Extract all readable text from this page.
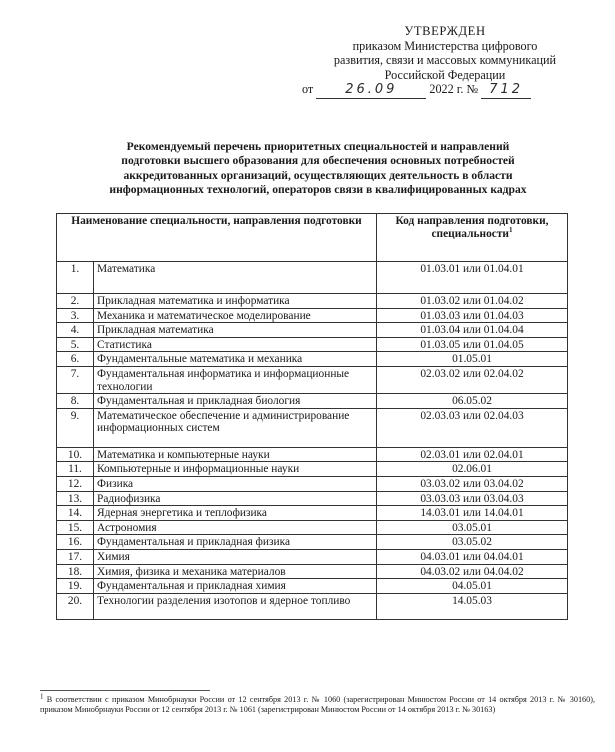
УТВЕРЖДЕН
приказом Министерства цифрового
развития, связи и массовых коммуникаций
Российской Федерации
от 26.09	2022 г. № 712
Рекомендуемый перечень приоритетных специальностей и направлений
подготовки высшего образования для обеспечения основных потребностей
аккредитованных организаций, осуществляющих деятельность в области
информационных технологий, операторов связи в квалифицированных кадрах
Наименование специальности, направления подготовки		Код направления подготовки, специальности$^1$
1.	Математика	01.03.01 или 01.04.01
2.	Прикладная математика и информатика	01.03.02 или 01.04.02
3.	Механика и математическое моделирование	01.03.03 или 01.04.03
4.	Прикладная математика	01.03.04 или 01.04.04
5.	Статистика	01.03.05 или 01.04.05
6.	Фундаментальные математика и механика	01.05.01
7.	Фундаментальная информатика и информационные технологии	02.03.02 или 02.04.02
8.	Фундаментальная и прикладная биология	06.05.02
9.	Математическое обеспечение и администрирование информационных систем	02.03.03 или 02.04.03
10.	Математика и компьютерные науки	02.03.01 или 02.04.01
11.	Компьютерные и информационные науки	02.06.01
12.	Физика	03.03.02 или 03.04.02
13.	Радиофизика	03.03.03 или 03.04.03
14.	Ядерная энергетика и теплофизика	14.03.01 или 14.04.01
15.	Астрономия	03.05.01
16.	Фундаментальная и прикладная физика	03.05.02
17.	Химия	04.03.01 или 04.04.01
18.	Химия, физика и механика материалов	04.03.02 или 04.04.02
19.	Фундаментальная и прикладная химия	04.05.01
20.	Технологии разделения изотопов и ядерное топливо	14.05.03
$^1$ В соответствии с приказом Минобрнауки России от 12 сентября 2013 г. № 1060 (зарегистрирован Минюстом России от 14 октября 2013 г. № 30160), приказом Минобрнауки России от 12 сентября 2013 г. № 1061 (зарегистрирован Минюстом России от 14 октября 2013 г. № 30163)
